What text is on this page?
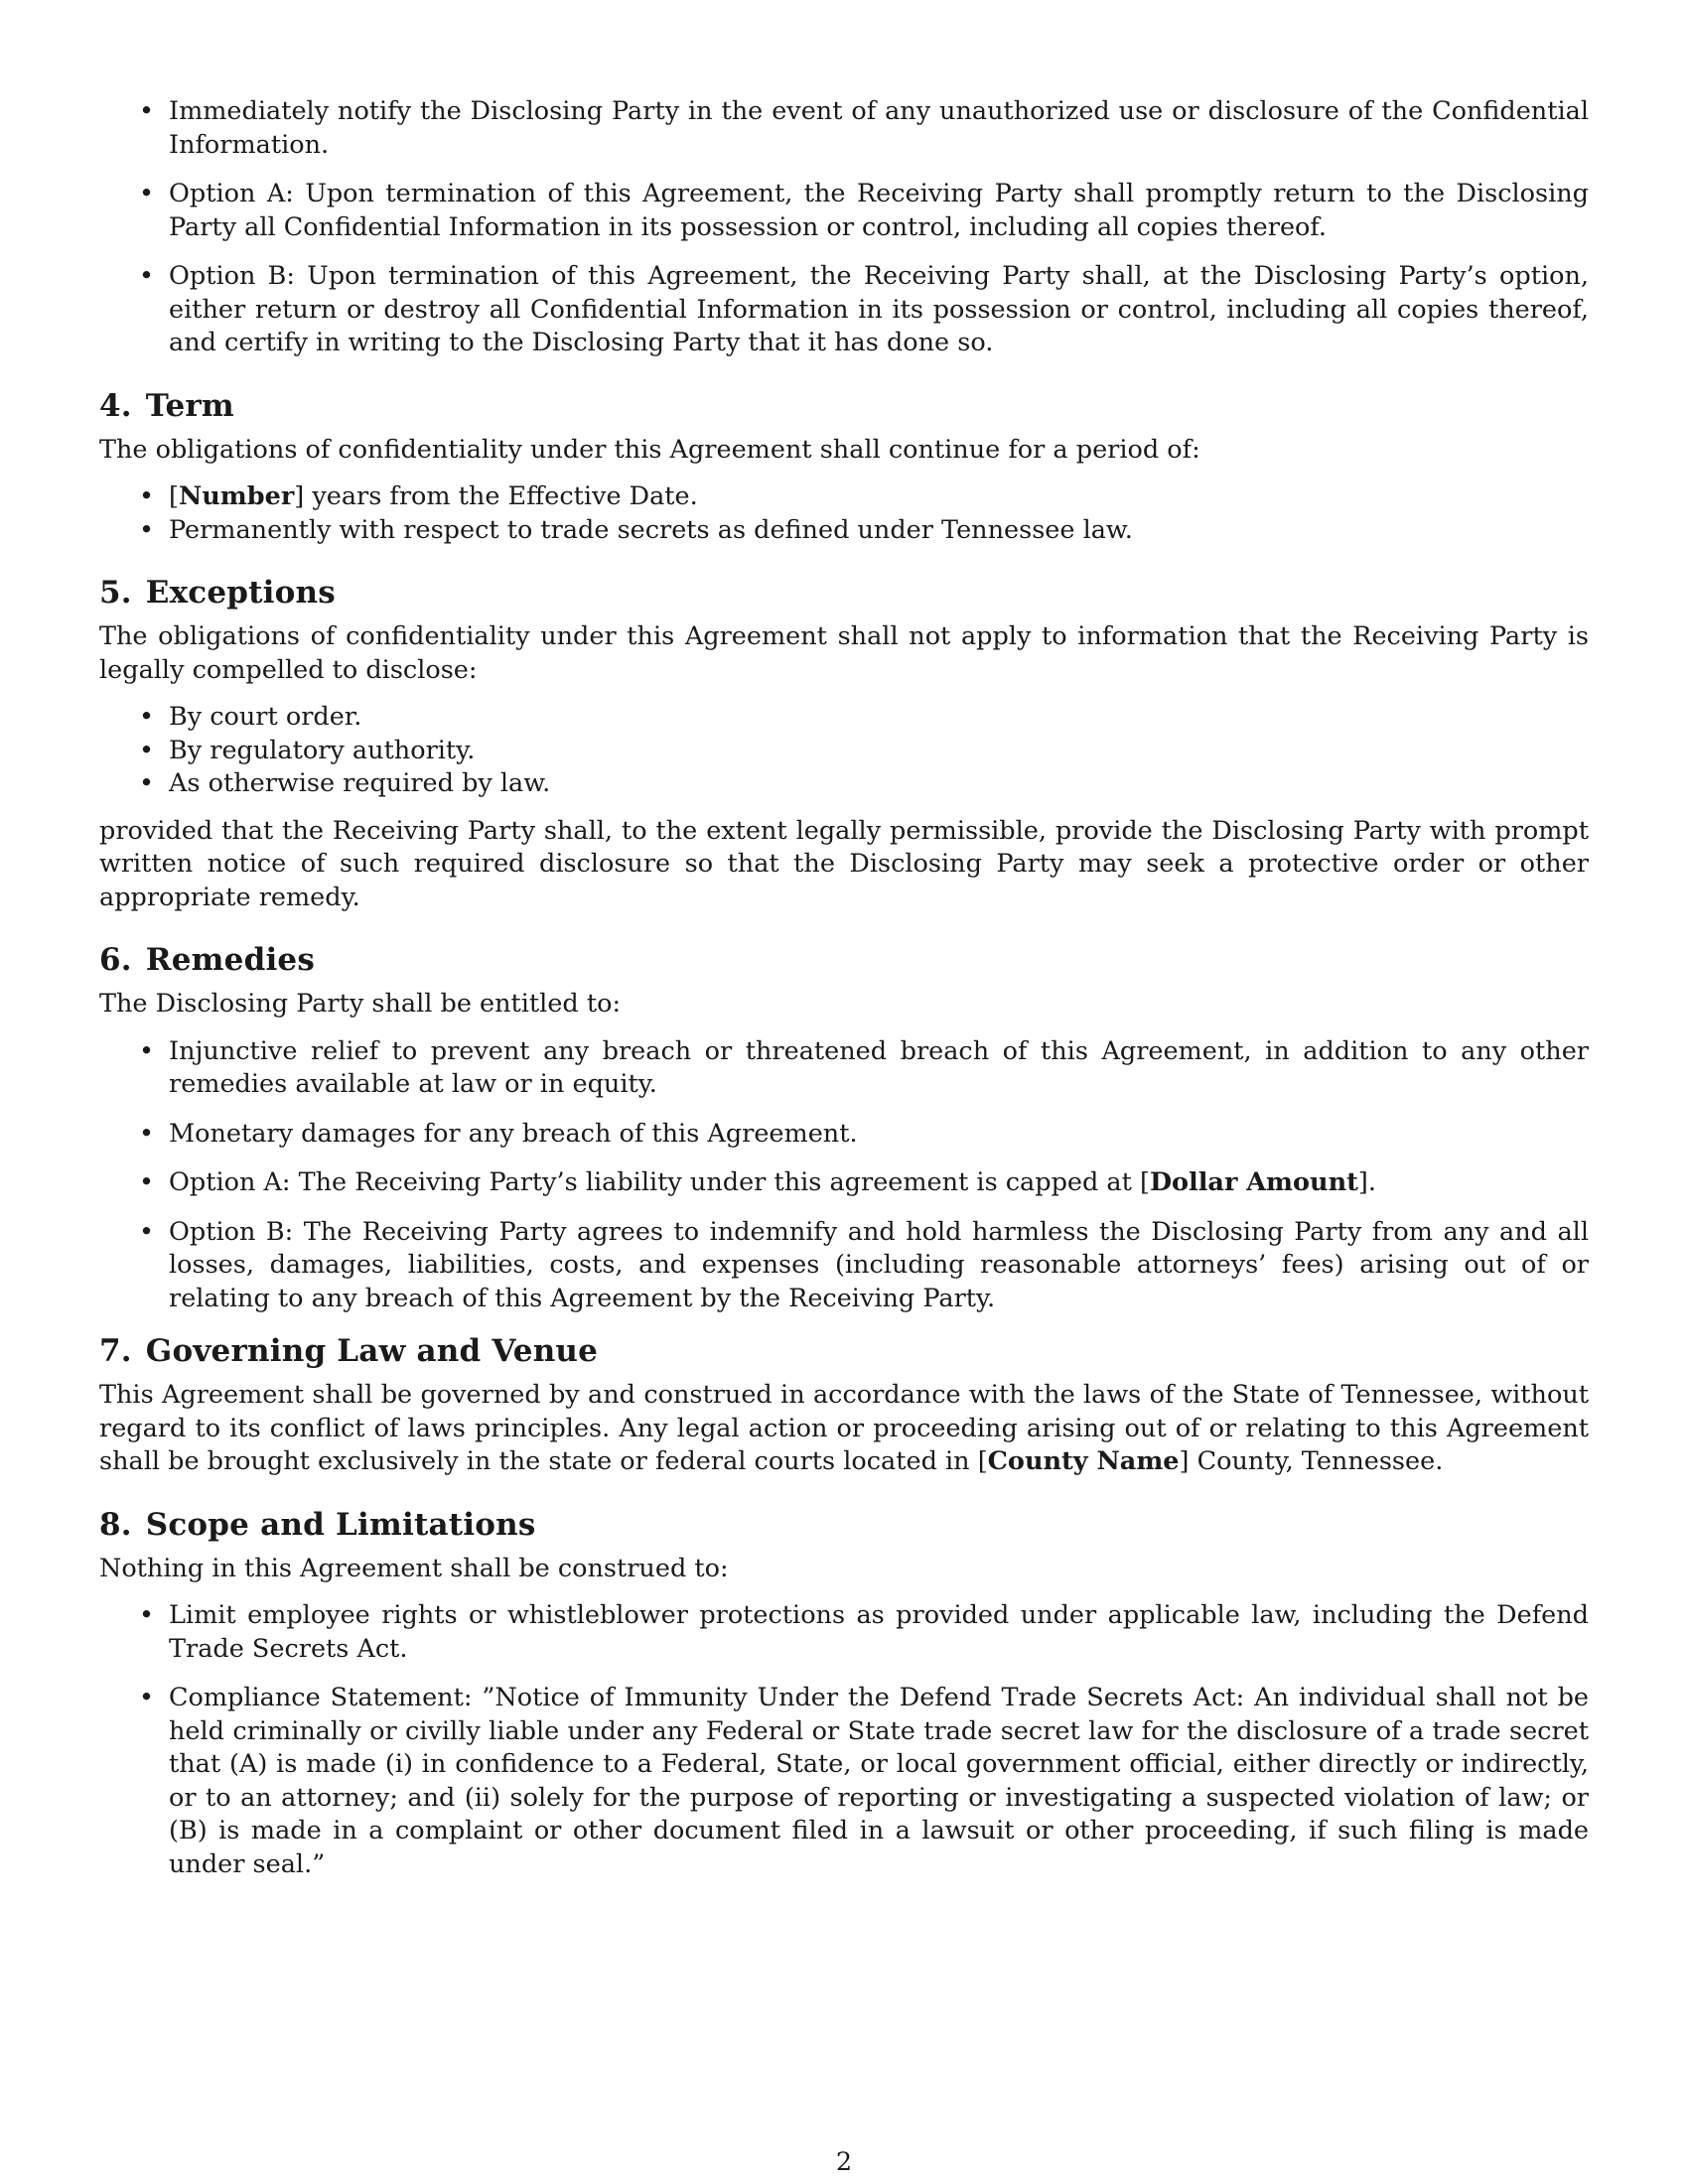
• Immediately notify the Disclosing Party in the event of any unauthorized use or disclosure of the Confidential Information.
• Option A: Upon termination of this Agreement, the Receiving Party shall promptly return to the Disclosing Party all Confidential Information in its possession or control, including all copies thereof.
• Option B: Upon termination of this Agreement, the Receiving Party shall, at the Disclosing Party’s option, either return or destroy all Confidential Information in its possession or control, including all copies thereof, and certify in writing to the Disclosing Party that it has done so.
4. Term

The obligations of confidentiality under this Agreement shall continue for a period of:

• [Number] years from the Effective Date.
• Permanently with respect to trade secrets as defined under Tennessee law.
5. Exceptions

The obligations of confidentiality under this Agreement shall not apply to information that the Receiving Party is legally compelled to disclose:

• By court order.
• By regulatory authority.
• As otherwise required by law.

provided that the Receiving Party shall, to the extent legally permissible, provide the Disclosing Party with prompt written notice of such required disclosure so that the Disclosing Party may seek a protective order or other appropriate remedy.

6. Remedies

The Disclosing Party shall be entitled to:

• Injunctive relief to prevent any breach or threatened breach of this Agreement, in addition to any other remedies available at law or in equity.
• Monetary damages for any breach of this Agreement.
• Option A: The Receiving Party’s liability under this agreement is capped at [Dollar Amount].
• Option B: The Receiving Party agrees to indemnify and hold harmless the Disclosing Party from any and all losses, damages, liabilities, costs, and expenses (including reasonable attorneys’ fees) arising out of or relating to any breach of this Agreement by the Receiving Party.
7. Governing Law and Venue

This Agreement shall be governed by and construed in accordance with the laws of the State of Tennessee, without regard to its conflict of laws principles. Any legal action or proceeding arising out of or relating to this Agreement shall be brought exclusively in the state or federal courts located in [County Name] County, Tennessee.

8. Scope and Limitations

Nothing in this Agreement shall be construed to:

• Limit employee rights or whistleblower protections as provided under applicable law, including the Defend Trade Secrets Act.
• Compliance Statement: ”Notice of Immunity Under the Defend Trade Secrets Act: An individual shall not be held criminally or civilly liable under any Federal or State trade secret law for the disclosure of a trade secret that (A) is made (i) in confidence to a Federal, State, or local government official, either directly or indirectly, or to an attorney; and (ii) solely for the purpose of reporting or investigating a suspected violation of law; or (B) is made in a complaint or other document filed in a lawsuit or other proceeding, if such filing is made under seal.”
2
